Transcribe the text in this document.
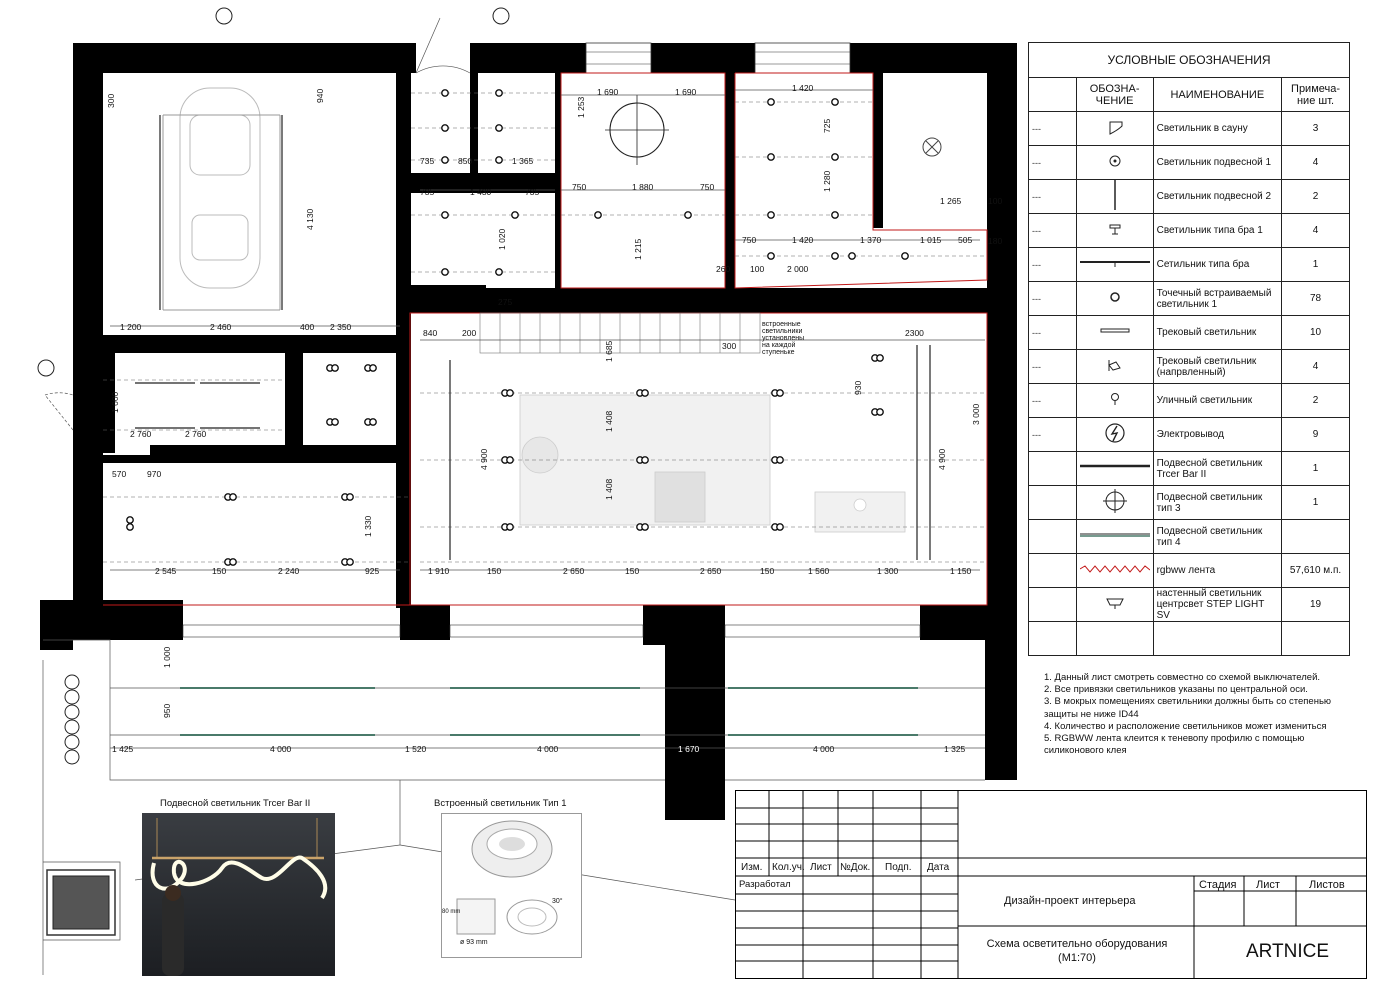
1 200	2 460	400 2 350
275
840	200
300
2300
1 910	150	2 650	150	2 650	150	1 560	1 300	1 150
1 690	1 690	1 420
735	850	1 365
735	1 430	735	750	1 880	750
1 420
750	1 370	1 015 505
1 265	100
180
260 100	2 000
2 760	2 760
2 545	150	2 240	925
570 970
1 425	4 000	1 520	4 000	4 000	1 325
1 670
300	940
4 130
1 253
1 215
1 020
1 685
1 408
1 408
4 900	4 900
3 000
930
1 000
1 330
1 000
950
1 280
725
встроенные
светильники
установлены
на каждой
ступеньке
УСЛОВНЫЕ ОБОЗНАЧЕНИЯ			
	ОБОЗНА-ЧЕНИЕ	НАИМЕНОВАНИЕ	Примеча-ние шт.
---		Светильник в сауну	3
---		Светильник подвесной 1	4
---		Светильник подвесной 2	2
---		Светильник типа бра 1	4
---		Сетильник типа бра	1
---		Точечный встраиваемый светильник 1	78
---		Трековый светильник	10
---		Трековый светильник (напрвленный)	4
---		Уличный светильник	2
---		Электровывод	9
		Подвесной светильник Trcer Bar II	1
		Подвесной светильник тип 3	1
		Подвесной светильник тип 4	
		rgbww лента	57,610 м.п.
		настенный светильник центрсвет STEP LIGHT SV	19

1. Данный лист смотреть совместно со схемой выключателей.
2. Все привязки светильников указаны по центральной оси.
3. В мокрых помещениях светильники должны быть со степенью защиты не ниже ID44
4. Количество и расположение светильников может измениться
5. RGBWW лента клеится к теневопу профилю с помощью силиконового клея
Подвесной светильник Trcer Bar II	Встроенный светильник Тип 1
ø 93 mm
80 mm
30°
Изм. Кол.уч. Лист №Док. Подп. Дата
Разработал	Стадия Лист	Листов
Дизайн-проект интерьера
Схема осветительно оборудования (М1:70)	ARTNICE
